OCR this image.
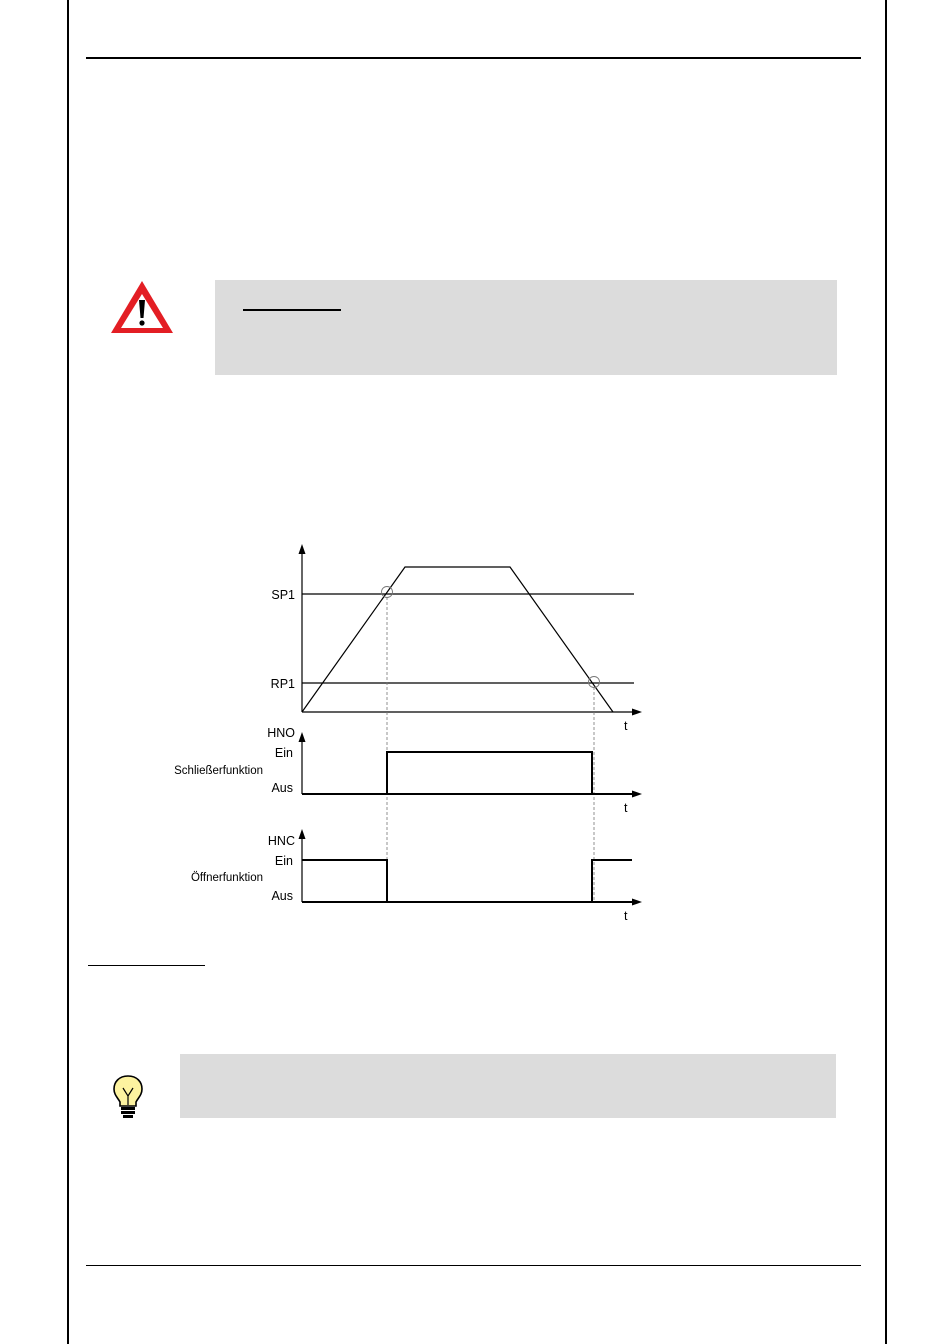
SP1
RP1
t
HNO
Ein
Aus
t
HNC
Ein
Aus
t
Schließerfunktion
Öffnerfunktion
